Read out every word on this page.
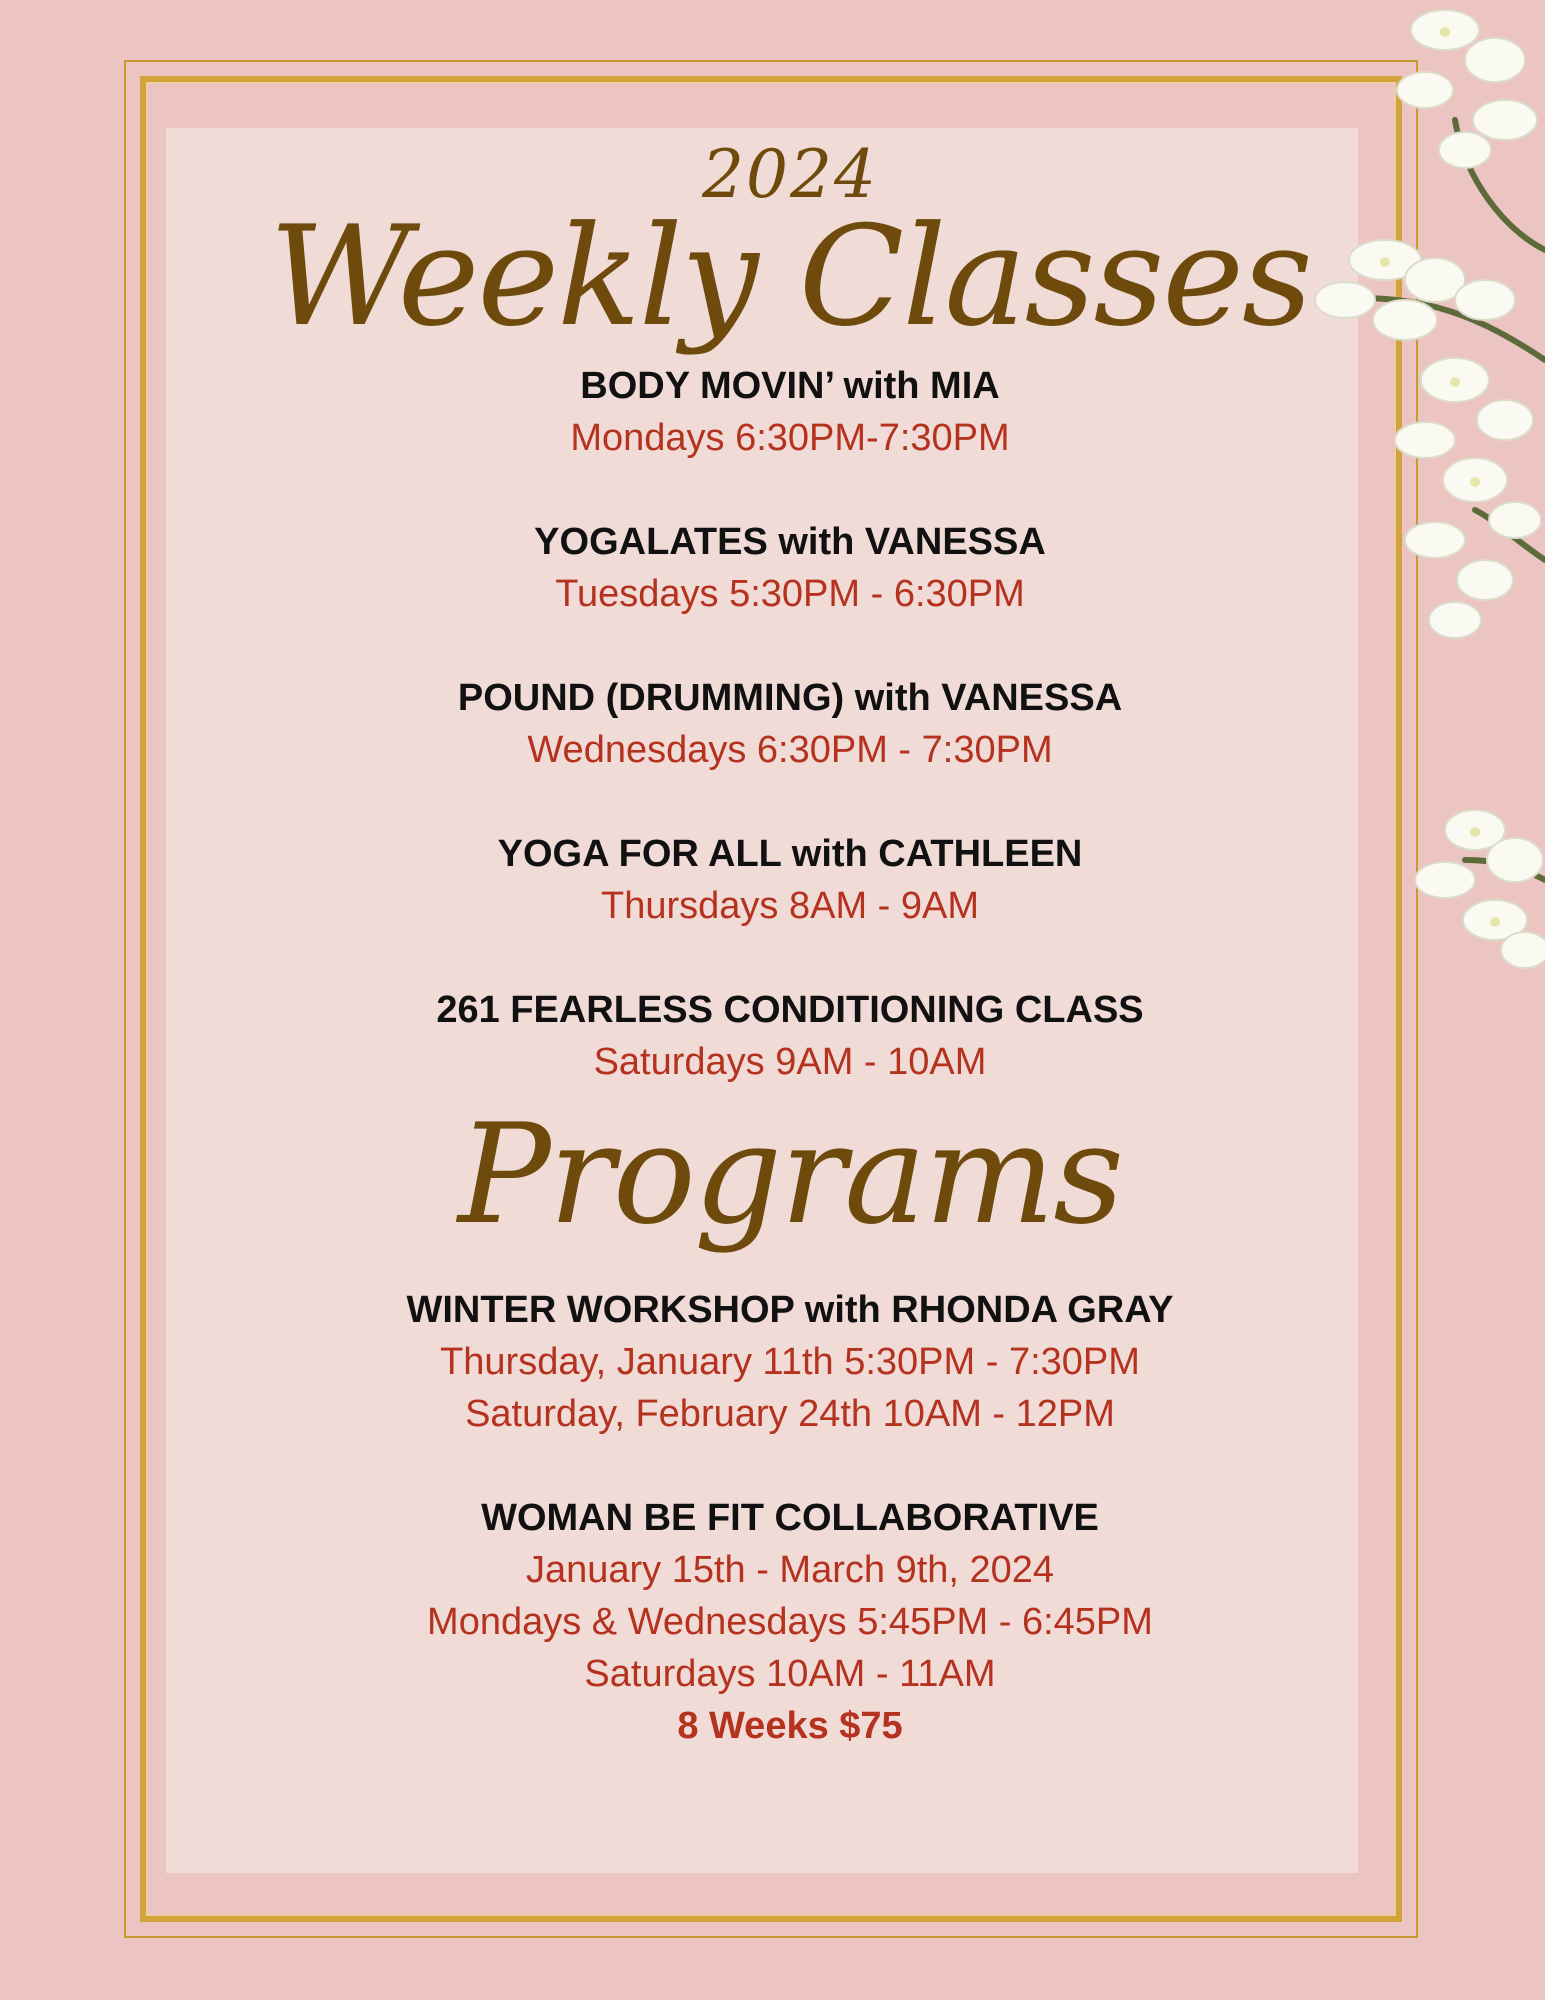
2024
Weekly Classes
BODY MOVIN’ with MIA
Mondays 6:30PM-7:30PM
YOGALATES with VANESSA
Tuesdays 5:30PM - 6:30PM
POUND (DRUMMING) with VANESSA
Wednesdays 6:30PM - 7:30PM
YOGA FOR ALL with CATHLEEN
Thursdays 8AM - 9AM
261 FEARLESS CONDITIONING CLASS
Saturdays 9AM - 10AM
Programs
WINTER WORKSHOP with RHONDA GRAY
Thursday, January 11th 5:30PM - 7:30PM
Saturday, February 24th 10AM - 12PM
WOMAN BE FIT COLLABORATIVE
January 15th - March 9th, 2024
Mondays & Wednesdays 5:45PM - 6:45PM
Saturdays 10AM - 11AM
8 Weeks $75
